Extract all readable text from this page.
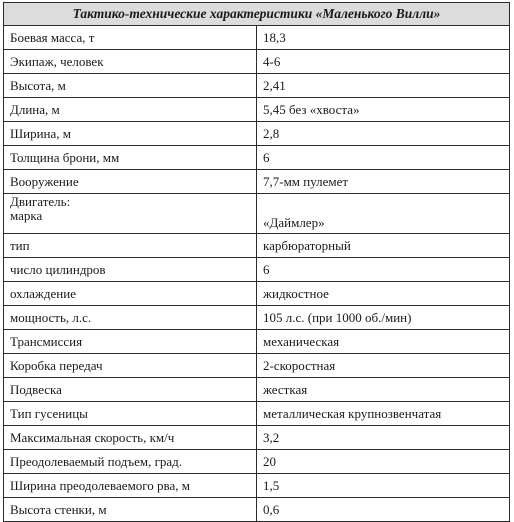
Тактико-технические характеристики «Маленького Вилли»	
Боевая масса, т	18,3
Экипаж, человек	4-6
Высота, м	2,41
Длина, м	5,45 без «хвоста»
Ширина, м	2,8
Толщина брони, мм	6
Вооружение	7,7-мм пулемет

Двигатель:
марка	«Даймлер»
тип	карбюраторный
число цилиндров	6
охлаждение	жидкостное
мощность, л.с.	105 л.с. (при 1000 об./мин)
Трансмиссия	механическая
Коробка передач	2-скоростная
Подвеска	жесткая
Тип гусеницы	металлическая крупнозвенчатая
Максимальная скорость, км/ч	3,2
Преодолеваемый подъем, град.	20
Ширина преодолеваемого рва, м	1,5
Высота стенки, м	0,6
